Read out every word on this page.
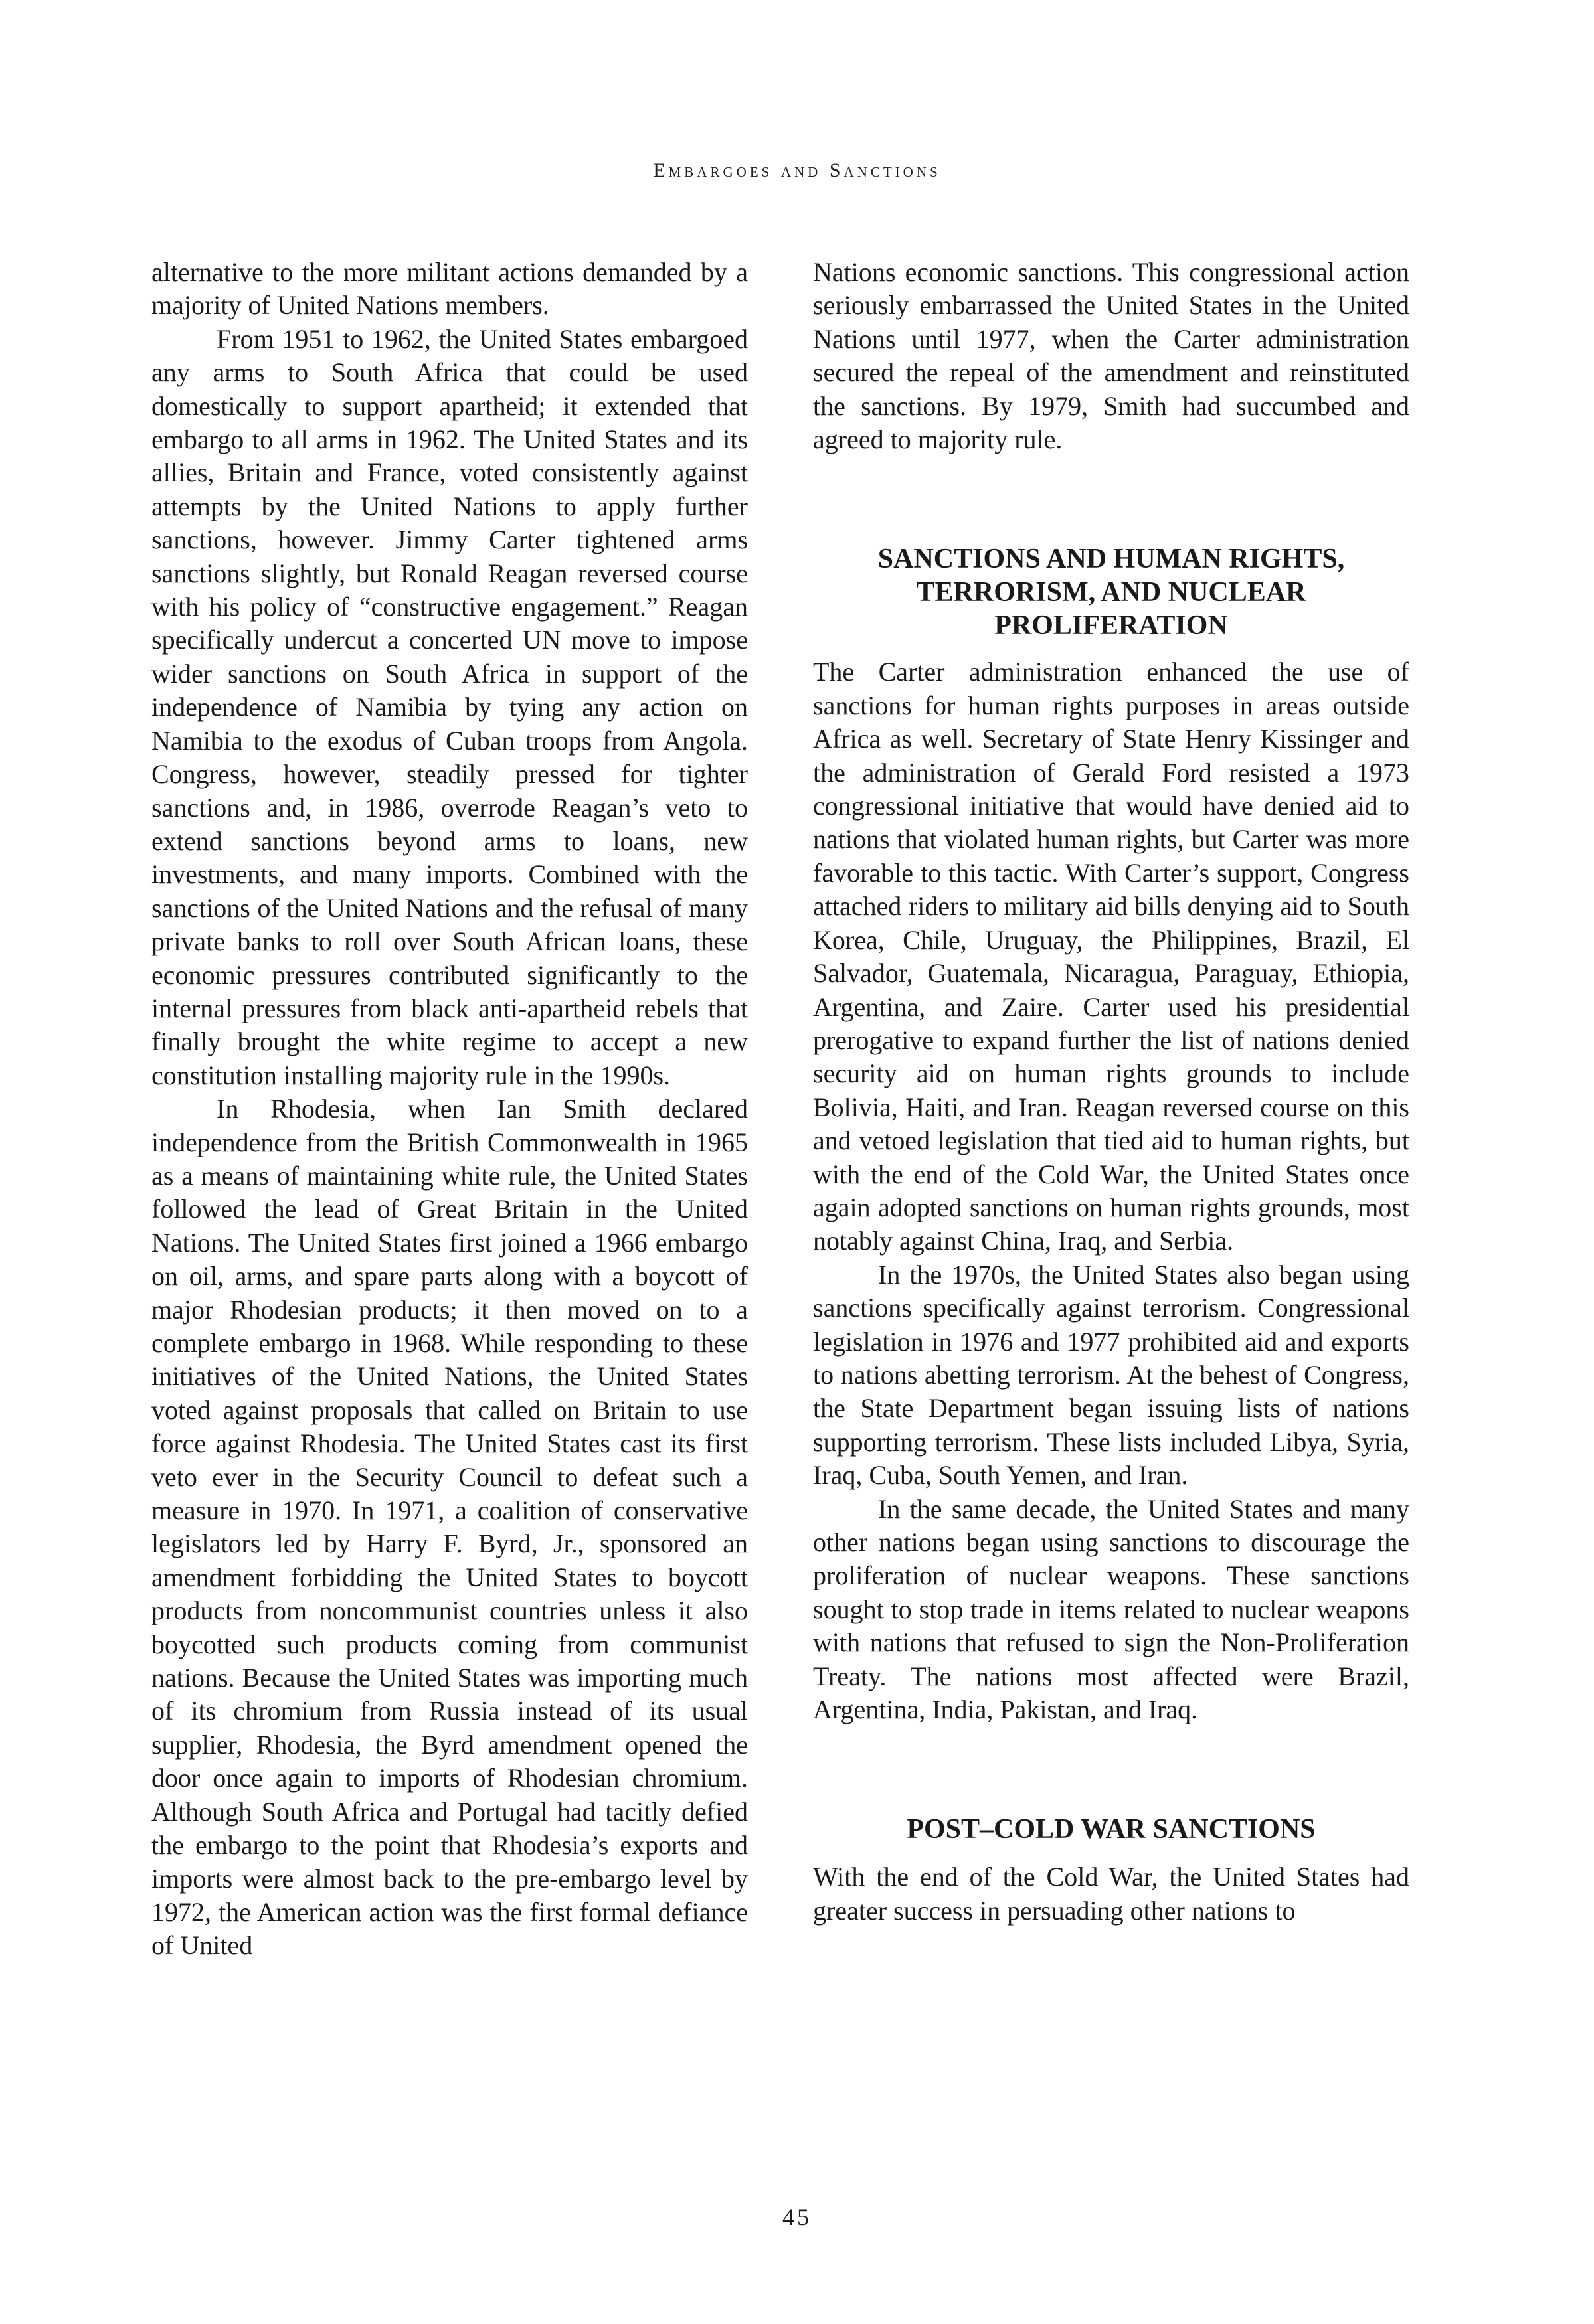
Embargoes and Sanctions

alternative to the more militant actions demanded by a majority of United Nations members.

From 1951 to 1962, the United States embargoed any arms to South Africa that could be used domestically to support apartheid; it extended that embargo to all arms in 1962. The United States and its allies, Britain and France, voted consistently against attempts by the United Nations to apply further sanctions, however. Jimmy Carter tightened arms sanctions slightly, but Ronald Reagan reversed course with his policy of “constructive engagement.” Reagan specifically undercut a concerted UN move to impose wider sanctions on South Africa in support of the independence of Namibia by tying any action on Namibia to the exodus of Cuban troops from Angola. Congress, however, steadily pressed for tighter sanctions and, in 1986, overrode Reagan’s veto to extend sanctions beyond arms to loans, new investments, and many imports. Combined with the sanctions of the United Nations and the refusal of many private banks to roll over South African loans, these economic pressures contributed significantly to the internal pressures from black anti-apartheid rebels that finally brought the white regime to accept a new constitution installing majority rule in the 1990s.

In Rhodesia, when Ian Smith declared independence from the British Commonwealth in 1965 as a means of maintaining white rule, the United States followed the lead of Great Britain in the United Nations. The United States first joined a 1966 embargo on oil, arms, and spare parts along with a boycott of major Rhodesian products; it then moved on to a complete embargo in 1968. While responding to these initiatives of the United Nations, the United States voted against proposals that called on Britain to use force against Rhodesia. The United States cast its first veto ever in the Security Council to defeat such a measure in 1970. In 1971, a coalition of conservative legislators led by Harry F. Byrd, Jr., sponsored an amendment forbidding the United States to boycott products from noncommunist countries unless it also boycotted such products coming from communist nations. Because the United States was importing much of its chromium from Russia instead of its usual supplier, Rhodesia, the Byrd amendment opened the door once again to imports of Rhodesian chromium. Although South Africa and Portugal had tacitly defied the embargo to the point that Rhodesia’s exports and imports were almost back to the pre-embargo level by 1972, the American action was the first formal defiance of United

Nations economic sanctions. This congressional action seriously embarrassed the United States in the United Nations until 1977, when the Carter administration secured the repeal of the amendment and reinstituted the sanctions. By 1979, Smith had succumbed and agreed to majority rule.

SANCTIONS AND HUMAN RIGHTS,
TERRORISM, AND NUCLEAR
PROLIFERATION

The Carter administration enhanced the use of sanctions for human rights purposes in areas outside Africa as well. Secretary of State Henry Kissinger and the administration of Gerald Ford resisted a 1973 congressional initiative that would have denied aid to nations that violated human rights, but Carter was more favorable to this tactic. With Carter’s support, Congress attached riders to military aid bills denying aid to South Korea, Chile, Uruguay, the Philippines, Brazil, El Salvador, Guatemala, Nicaragua, Paraguay, Ethiopia, Argentina, and Zaire. Carter used his presidential prerogative to expand further the list of nations denied security aid on human rights grounds to include Bolivia, Haiti, and Iran. Reagan reversed course on this and vetoed legislation that tied aid to human rights, but with the end of the Cold War, the United States once again adopted sanctions on human rights grounds, most notably against China, Iraq, and Serbia.

In the 1970s, the United States also began using sanctions specifically against terrorism. Congressional legislation in 1976 and 1977 prohibited aid and exports to nations abetting terrorism. At the behest of Congress, the State Department began issuing lists of nations supporting terrorism. These lists included Libya, Syria, Iraq, Cuba, South Yemen, and Iran.

In the same decade, the United States and many other nations began using sanctions to discourage the proliferation of nuclear weapons. These sanctions sought to stop trade in items related to nuclear weapons with nations that refused to sign the Non-Proliferation Treaty. The nations most affected were Brazil, Argentina, India, Pakistan, and Iraq.

POST–COLD WAR SANCTIONS

With the end of the Cold War, the United States had greater success in persuading other nations to

45
